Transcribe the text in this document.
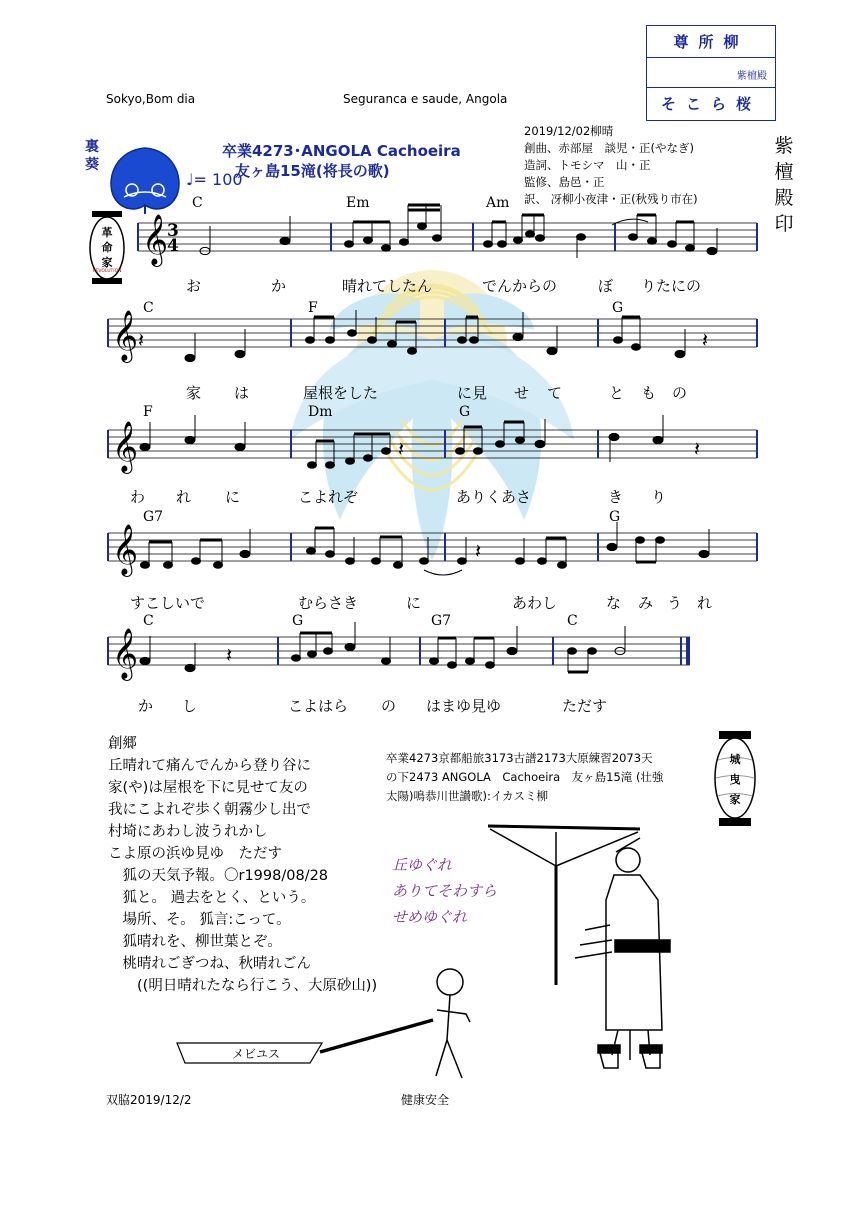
𝄞
𝄞
𝄞
𝄞
𝄞
3
4
𝄽	𝄽
𝄽	𝄽
𝄽
𝄽
Sokyo,Bom dia	Seguranca e saude, Angola
尊所柳
紫檀殿
そこら桜
紫
檀
殿
印
裏
葵
卒業4273･ANGOLA Cachoeira
友ヶ島15滝(将長の歌)
♩= 100
2019/12/02柳晴
創曲、赤部屋　談児・正(やなぎ)
造詞、トモシマ　山・正
監修、島邑・正
訳、 冴柳小夜津・正(秋残り市在)
革
命
家
REVOLUTION
C	Em	Am
C	F	G
F	Dm	G
G7	G
C	G	G7	C
お	か	晴れてしたん	でんからの	ぼ りたにの
家 は	屋根をした	に見 せ て	と も の
わ れ に	こよれぞ	ありくあさ	き り
すこしいで	むらさき	に	あわし	な み う れ
か し	こよはら の はまゆ見ゆ	ただす
創郷
丘晴れて痛んでんから登り谷に
家(や)は屋根を下に見せて友の
我にこよれぞ歩く朝霧少し出で
村埼にあわし波うれかし
こよ原の浜ゆ見ゆ　ただす
　狐の天気予報。〇r1998/08/28
　狐と。 過去をとく、という。
　場所、そ。 狐言:こって。
　狐晴れを、柳世葉とぞ。
　桃晴れごぎつね、秋晴れごん
　　((明日晴れたなら行こう、大原砂山))
卒業4273京都船旅3173古譜2173大原練習2073天
の下2473 ANGOLA　Cachoeira　友ヶ島15滝 (壮強
太陽)鳴恭川世讃歌):イカスミ柳
城
曳
家
丘ゆぐれ
ありてそわすら
せめゆぐれ
メビユス
双脇2019/12/2	健康安全
